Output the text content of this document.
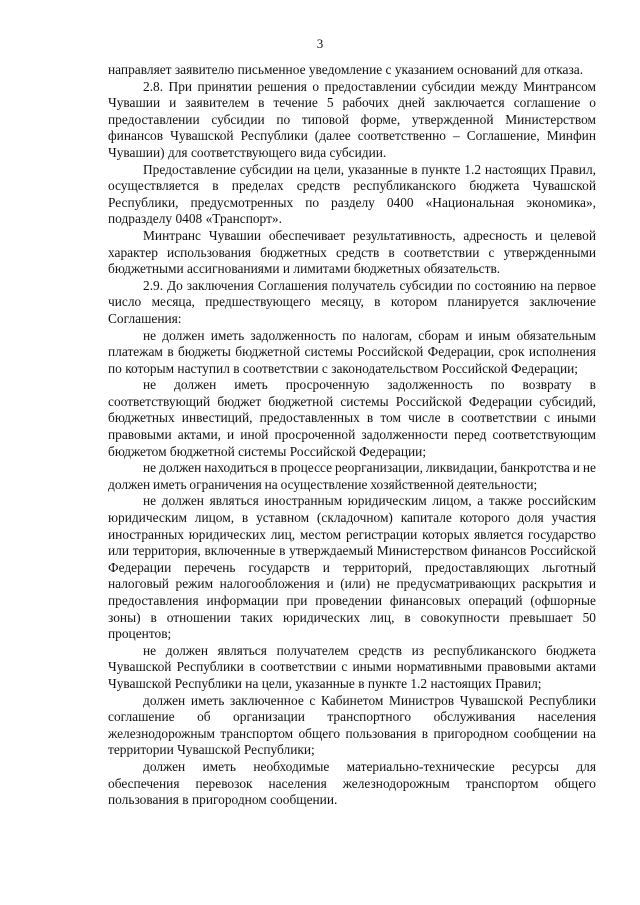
3

направляет заявителю письменное уведомление с указанием оснований для отказа.

2.8. При принятии решения о предоставлении субсидии между Минтрансом Чувашии и заявителем в течение 5 рабочих дней заключается соглашение о предоставлении субсидии по типовой форме, утвержденной Министерством финансов Чувашской Республики (далее соответственно – Соглашение, Минфин Чувашии) для соответствующего вида субсидии.

Предоставление субсидии на цели, указанные в пункте 1.2 настоящих Правил, осуществляется в пределах средств республиканского бюджета Чувашской Республики, предусмотренных по разделу 0400 «Национальная экономика», подразделу 0408 «Транспорт».

Минтранс Чувашии обеспечивает результативность, адресность и целевой характер использования бюджетных средств в соответствии с утвержденными бюджетными ассигнованиями и лимитами бюджетных обязательств.

2.9. До заключения Соглашения получатель субсидии по состоянию на первое число месяца, предшествующего месяцу, в котором планируется заключение Соглашения:

не должен иметь задолженность по налогам, сборам и иным обязательным платежам в бюджеты бюджетной системы Российской Федерации, срок исполнения по которым наступил в соответствии с законодательством Российской Федерации;

не должен иметь просроченную задолженность по возврату в соответствующий бюджет бюджетной системы Российской Федерации субсидий, бюджетных инвестиций, предоставленных в том числе в соответствии с иными правовыми актами, и иной просроченной задолженности перед соответствующим бюджетом бюджетной системы Российской Федерации;

не должен находиться в процессе реорганизации, ликвидации, банкротства и не должен иметь ограничения на осуществление хозяйственной деятельности;

не должен являться иностранным юридическим лицом, а также российским юридическим лицом, в уставном (складочном) капитале которого доля участия иностранных юридических лиц, местом регистрации которых является государство или территория, включенные в утверждаемый Министерством финансов Российской Федерации перечень государств и территорий, предоставляющих льготный налоговый режим налогообложения и (или) не предусматривающих раскрытия и предоставления информации при проведении финансовых операций (офшорные зоны) в отношении таких юридических лиц, в совокупности превышает 50 процентов;

не должен являться получателем средств из республиканского бюджета Чувашской Республики в соответствии с иными нормативными правовыми актами Чувашской Республики на цели, указанные в пункте 1.2 настоящих Правил;

должен иметь заключенное с Кабинетом Министров Чувашской Республики соглашение об организации транспортного обслуживания населения железнодорожным транспортом общего пользования в пригородном сообщении на территории Чувашской Республики;

должен иметь необходимые материально-технические ресурсы для обеспечения перевозок населения железнодорожным транспортом общего пользования в пригородном сообщении.
